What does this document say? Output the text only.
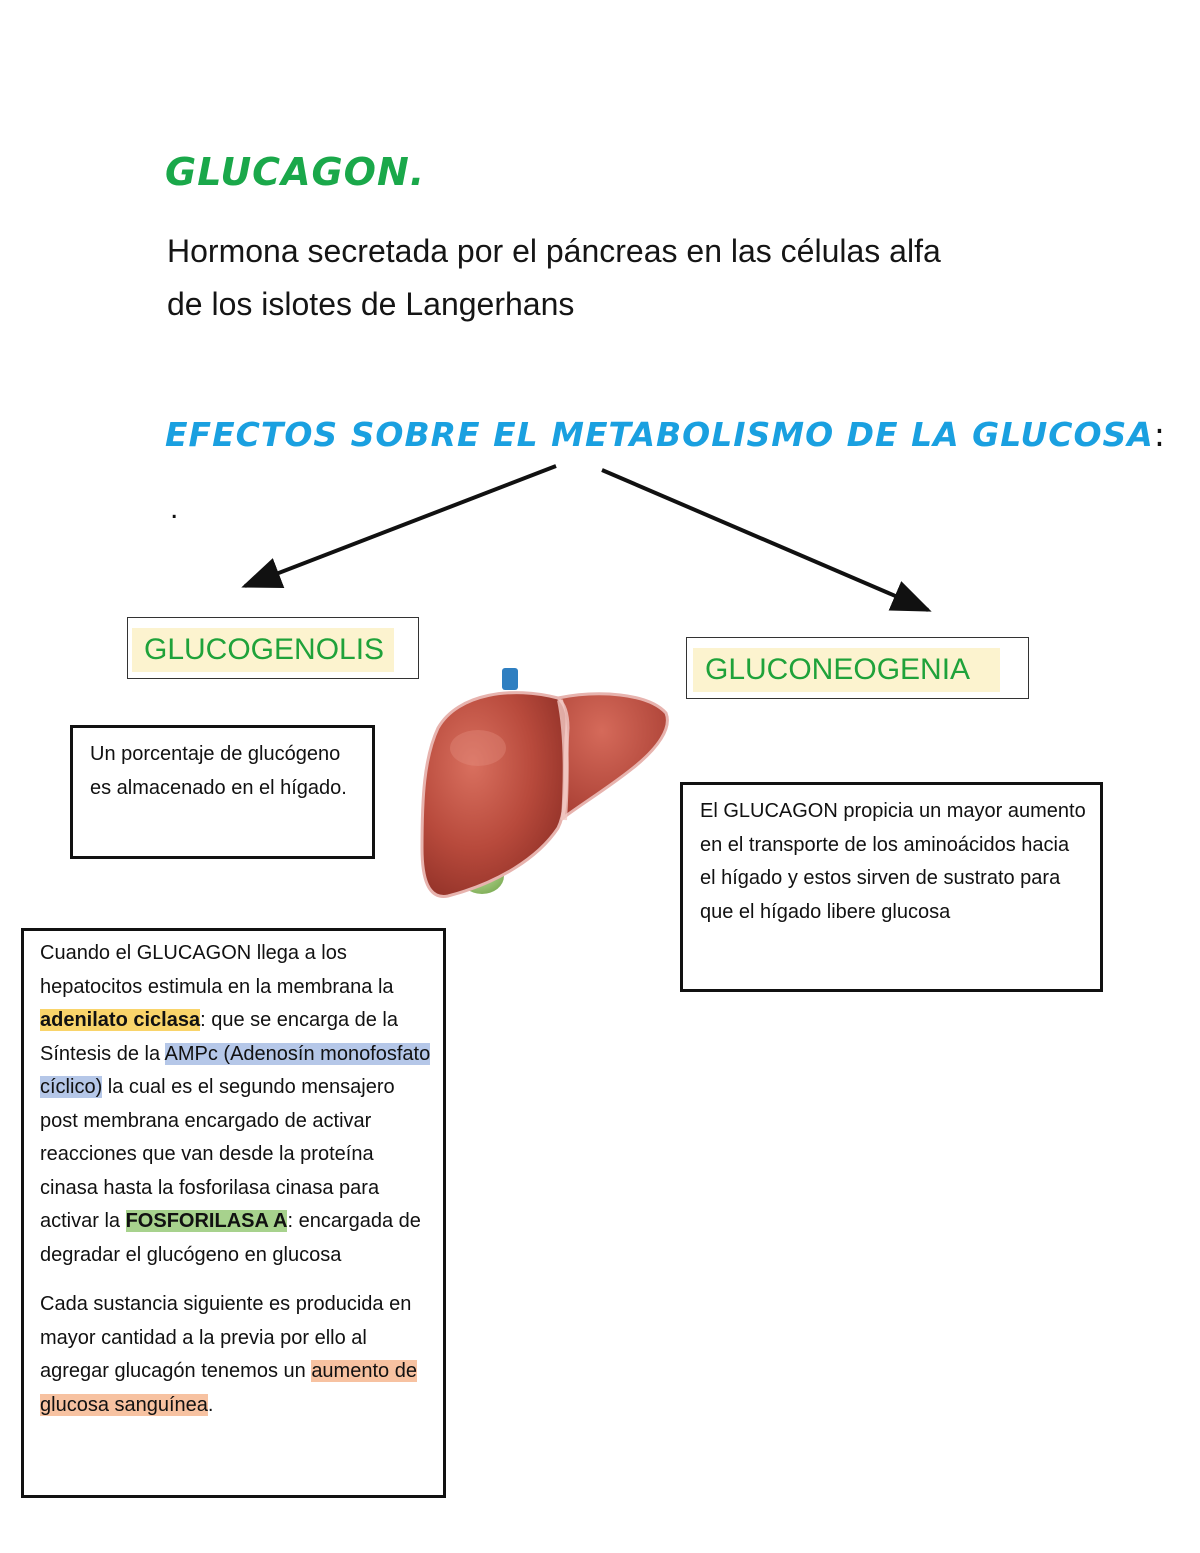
GLUCAGON.
Hormona secretada por el páncreas en las células alfa
de los islotes de Langerhans
EFECTOS SOBRE EL METABOLISMO DE LA GLUCOSA:
.
GLUCOGENOLIS
GLUCONEOGENIA
Un porcentaje de glucógeno es almacenado en el hígado.
El GLUCAGON propicia un mayor aumento en el transporte de los aminoácidos hacia el hígado y estos sirven de sustrato para que el hígado libere glucosa

Cuando el GLUCAGON llega a los hepatocitos estimula en la membrana la adenilato ciclasa: que se encarga de la Síntesis de la AMPc (Adenosín monofosfato cíclico) la cual es el segundo mensajero post membrana encargado de activar reacciones que van desde la proteína cinasa hasta la fosforilasa cinasa para activar la FOSFORILASA A: encargada de degradar el glucógeno en glucosa

Cada sustancia siguiente es producida en mayor cantidad a la previa por ello al agregar glucagón tenemos un aumento de glucosa sanguínea.
